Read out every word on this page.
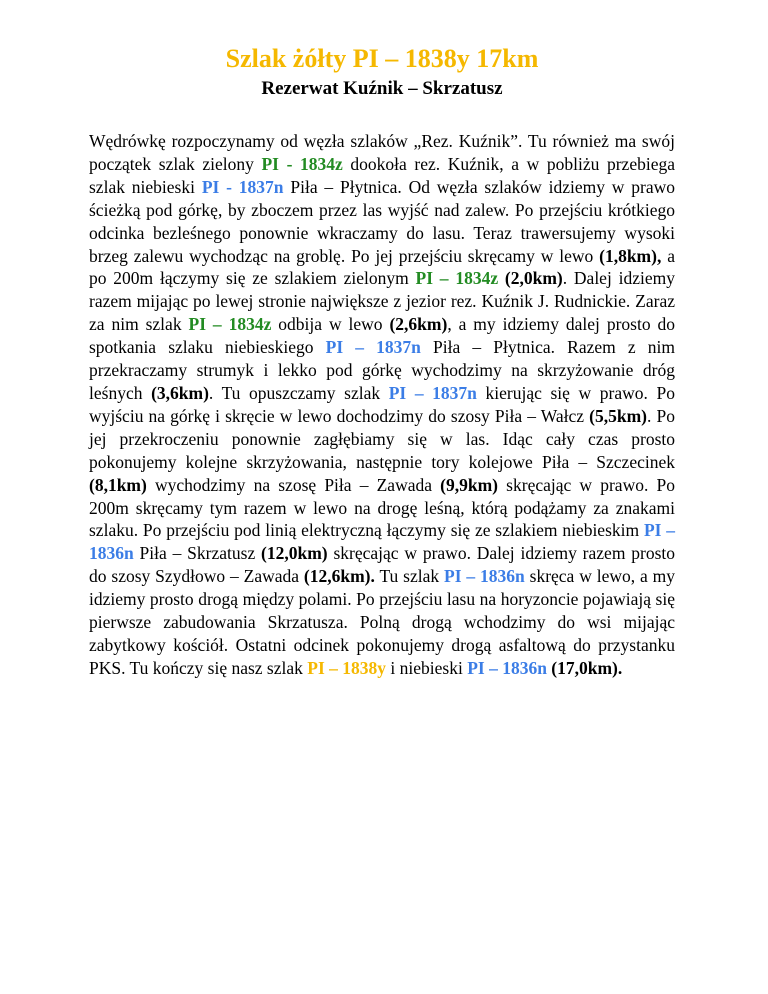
Szlak żółty PI – 1838y 17km
Rezerwat Kuźnik – Skrzatusz

Wędrówkę rozpoczynamy od węzła szlaków „Rez. Kuźnik”. Tu również ma swój początek szlak zielony PI - 1834z dookoła rez. Kuźnik, a w pobliżu przebiega szlak niebieski PI - 1837n Piła – Płytnica. Od węzła szlaków idziemy w prawo ścieżką pod górkę, by zboczem przez las wyjść nad zalew. Po przejściu krótkiego odcinka bezleśnego ponownie wkraczamy do lasu. Teraz trawersujemy wysoki brzeg zalewu wychodząc na groblę. Po jej przejściu skręcamy w lewo (1,8km), a po 200m łączymy się ze szlakiem zielonym PI – 1834z (2,0km). Dalej idziemy razem mijając po lewej stronie największe z jezior rez. Kuźnik J. Rudnickie. Zaraz za nim szlak PI – 1834z odbija w lewo (2,6km), a my idziemy dalej prosto do spotkania szlaku niebieskiego PI – 1837n Piła – Płytnica. Razem z nim przekraczamy strumyk i lekko pod górkę wychodzimy na skrzyżowanie dróg leśnych (3,6km). Tu opuszczamy szlak PI – 1837n kierując się w prawo. Po wyjściu na górkę i skręcie w lewo dochodzimy do szosy Piła – Wałcz (5,5km). Po jej przekroczeniu ponownie zagłębiamy się w las. Idąc cały czas prosto pokonujemy kolejne skrzyżowania, następnie tory kolejowe Piła – Szczecinek (8,1km) wychodzimy na szosę Piła – Zawada (9,9km) skręcając w prawo. Po 200m skręcamy tym razem w lewo na drogę leśną, którą podążamy za znakami szlaku. Po przejściu pod linią elektryczną łączymy się ze szlakiem niebieskim PI – 1836n Piła – Skrzatusz (12,0km) skręcając w prawo. Dalej idziemy razem prosto do szosy Szydłowo – Zawada (12,6km). Tu szlak PI – 1836n skręca w lewo, a my idziemy prosto drogą między polami. Po przejściu lasu na horyzoncie pojawiają się pierwsze zabudowania Skrzatusza. Polną drogą wchodzimy do wsi mijając zabytkowy kościół. Ostatni odcinek pokonujemy drogą asfaltową do przystanku PKS. Tu kończy się nasz szlak PI – 1838y i niebieski PI – 1836n (17,0km).
